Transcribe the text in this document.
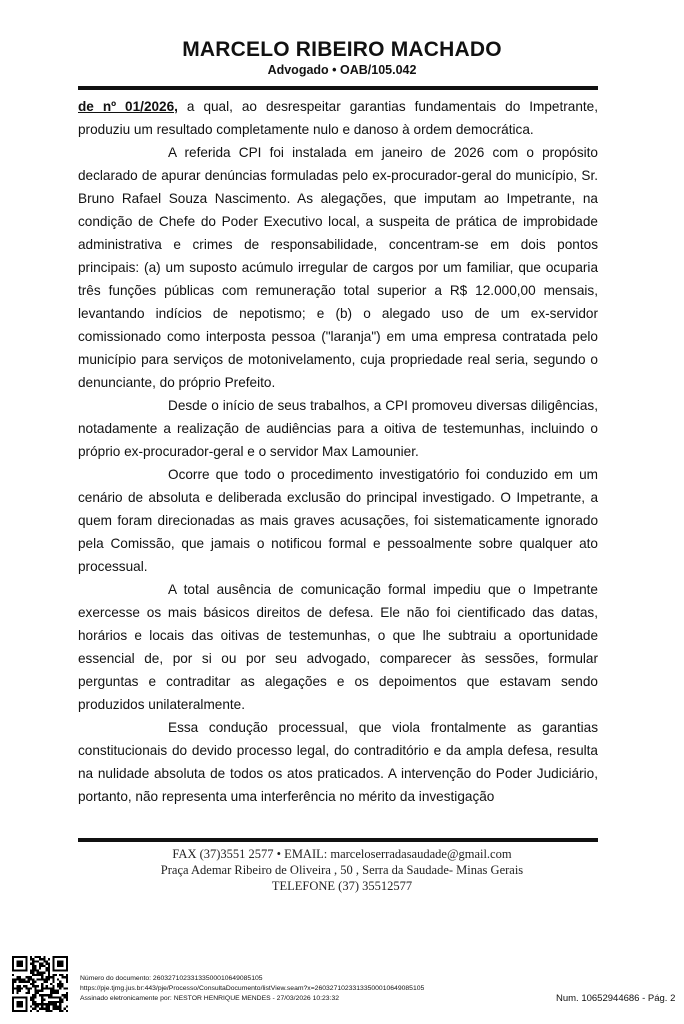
MARCELO RIBEIRO MACHADO
Advogado • OAB/105.042

de nº 01/2026, a qual, ao desrespeitar garantias fundamentais do Impetrante, produziu um resultado completamente nulo e danoso à ordem democrática.

A referida CPI foi instalada em janeiro de 2026 com o propósito declarado de apurar denúncias formuladas pelo ex-procurador-geral do município, Sr. Bruno Rafael Souza Nascimento. As alegações, que imputam ao Impetrante, na condição de Chefe do Poder Executivo local, a suspeita de prática de improbidade administrativa e crimes de responsabilidade, concentram-se em dois pontos principais: (a) um suposto acúmulo irregular de cargos por um familiar, que ocuparia três funções públicas com remuneração total superior a R$ 12.000,00 mensais, levantando indícios de nepotismo; e (b) o alegado uso de um ex-servidor comissionado como interposta pessoa ("laranja") em uma empresa contratada pelo município para serviços de motonivelamento, cuja propriedade real seria, segundo o denunciante, do próprio Prefeito.

Desde o início de seus trabalhos, a CPI promoveu diversas diligências, notadamente a realização de audiências para a oitiva de testemunhas, incluindo o próprio ex-procurador-geral e o servidor Max Lamounier.

Ocorre que todo o procedimento investigatório foi conduzido em um cenário de absoluta e deliberada exclusão do principal investigado. O Impetrante, a quem foram direcionadas as mais graves acusações, foi sistematicamente ignorado pela Comissão, que jamais o notificou formal e pessoalmente sobre qualquer ato processual.

A total ausência de comunicação formal impediu que o Impetrante exercesse os mais básicos direitos de defesa. Ele não foi cientificado das datas, horários e locais das oitivas de testemunhas, o que lhe subtraiu a oportunidade essencial de, por si ou por seu advogado, comparecer às sessões, formular perguntas e contraditar as alegações e os depoimentos que estavam sendo produzidos unilateralmente.

Essa condução processual, que viola frontalmente as garantias constitucionais do devido processo legal, do contraditório e da ampla defesa, resulta na nulidade absoluta de todos os atos praticados. A intervenção do Poder Judiciário, portanto, não representa uma interferência no mérito da investigação

FAX (37)3551 2577 • EMAIL: marceloserradasaudade@gmail.com
Praça Ademar Ribeiro de Oliveira , 50 , Serra da Saudade- Minas Gerais
TELEFONE (37) 35512577
Número do documento: 26032710233133500010649085105
https://pje.tjmg.jus.br:443/pje/Processo/ConsultaDocumento/listView.seam?x=26032710233133500010649085105
Assinado eletronicamente por: NESTOR HENRIQUE MENDES - 27/03/2026 10:23:32	Num. 10652944686 - Pág. 2
